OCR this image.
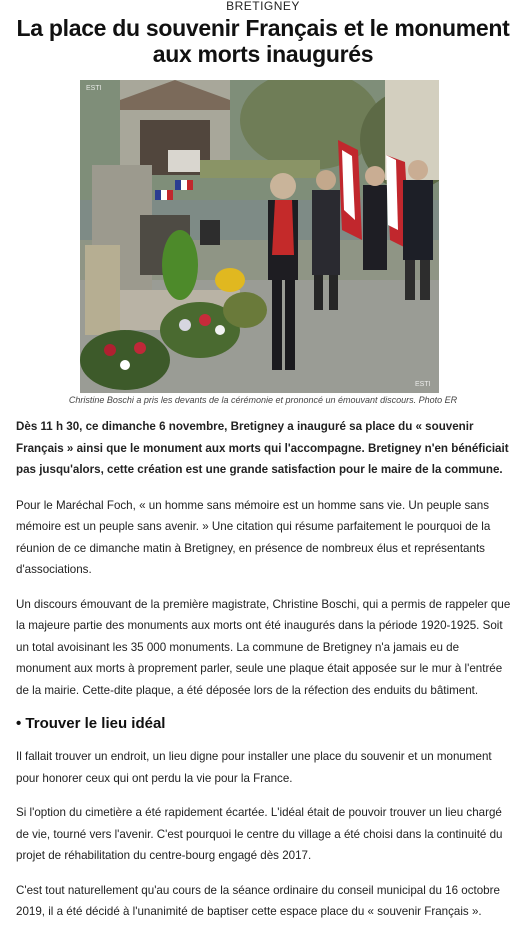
BRETIGNEY
La place du souvenir Français et le monument aux morts inaugurés
ESTI
ESTI
Christine Boschi a pris les devants de la cérémonie et prononcé un émouvant discours. Photo ER

Dès 11 h 30, ce dimanche 6 novembre, Bretigney a inauguré sa place du « souvenir Français » ainsi que le monument aux morts qui l'accompagne. Bretigney n'en bénéficiait pas jusqu'alors, cette création est une grande satisfaction pour le maire de la commune.

Pour le Maréchal Foch, « un homme sans mémoire est un homme sans vie. Un peuple sans mémoire est un peuple sans avenir. » Une citation qui résume parfaitement le pourquoi de la réunion de ce dimanche matin à Bretigney, en présence de nombreux élus et représentants d'associations.

Un discours émouvant de la première magistrate, Christine Boschi, qui a permis de rappeler que la majeure partie des monuments aux morts ont été inaugurés dans la période 1920-1925. Soit un total avoisinant les 35 000 monuments. La commune de Bretigney n'a jamais eu de monument aux morts à proprement parler, seule une plaque était apposée sur le mur à l'entrée de la mairie. Cette-dite plaque, a été déposée lors de la réfection des enduits du bâtiment.

• Trouver le lieu idéal

Il fallait trouver un endroit, un lieu digne pour installer une place du souvenir et un monument pour honorer ceux qui ont perdu la vie pour la France.

Si l'option du cimetière a été rapidement écartée. L'idéal était de pouvoir trouver un lieu chargé de vie, tourné vers l'avenir. C'est pourquoi le centre du village a été choisi dans la continuité du projet de réhabilitation du centre-bourg engagé dès 2017.

C'est tout naturellement qu'au cours de la séance ordinaire du conseil municipal du 16 octobre 2019, il a été décidé à l'unanimité de baptiser cette espace place du « souvenir Français ».
